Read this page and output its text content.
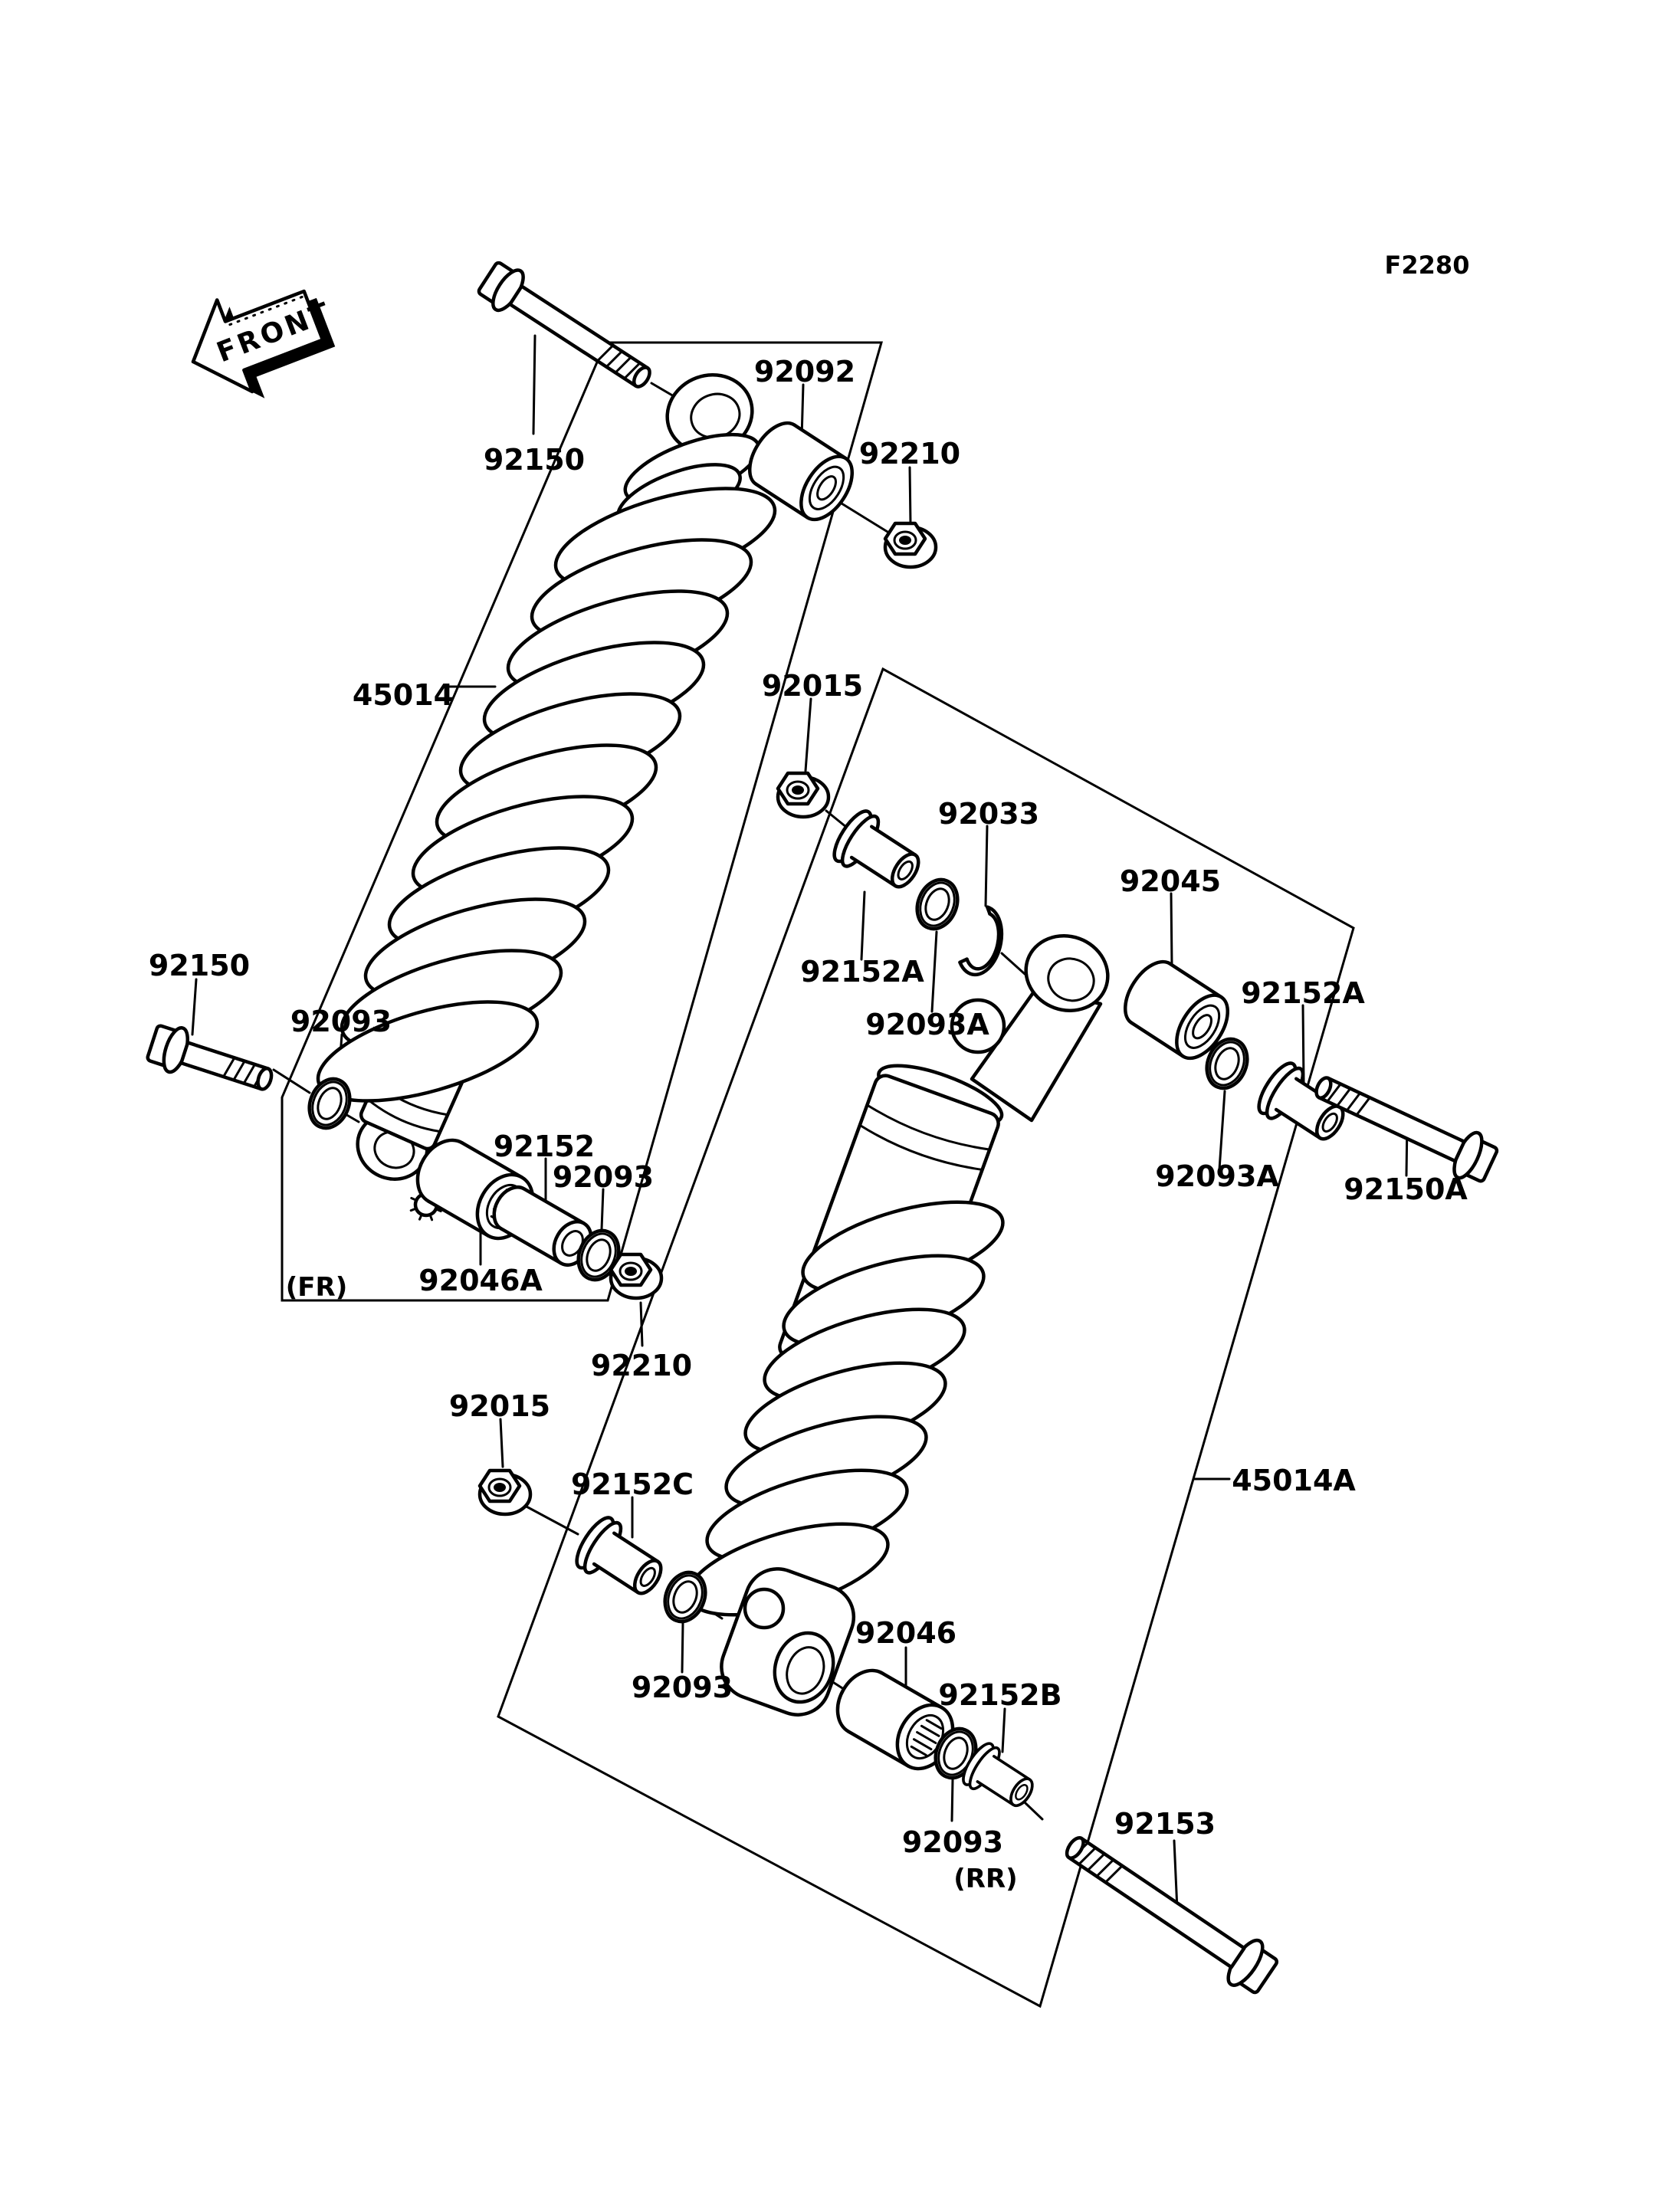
FRONT
F2280
92150
92092
92210
45014	92015
92033
92152A
92093A
92045
92152A
92093A 92150A
92150
92093
92152
92093
92046A
(FR)
92210
92015
92152C	45014A
92046
92093	92152B
92093
(RR)
92153
